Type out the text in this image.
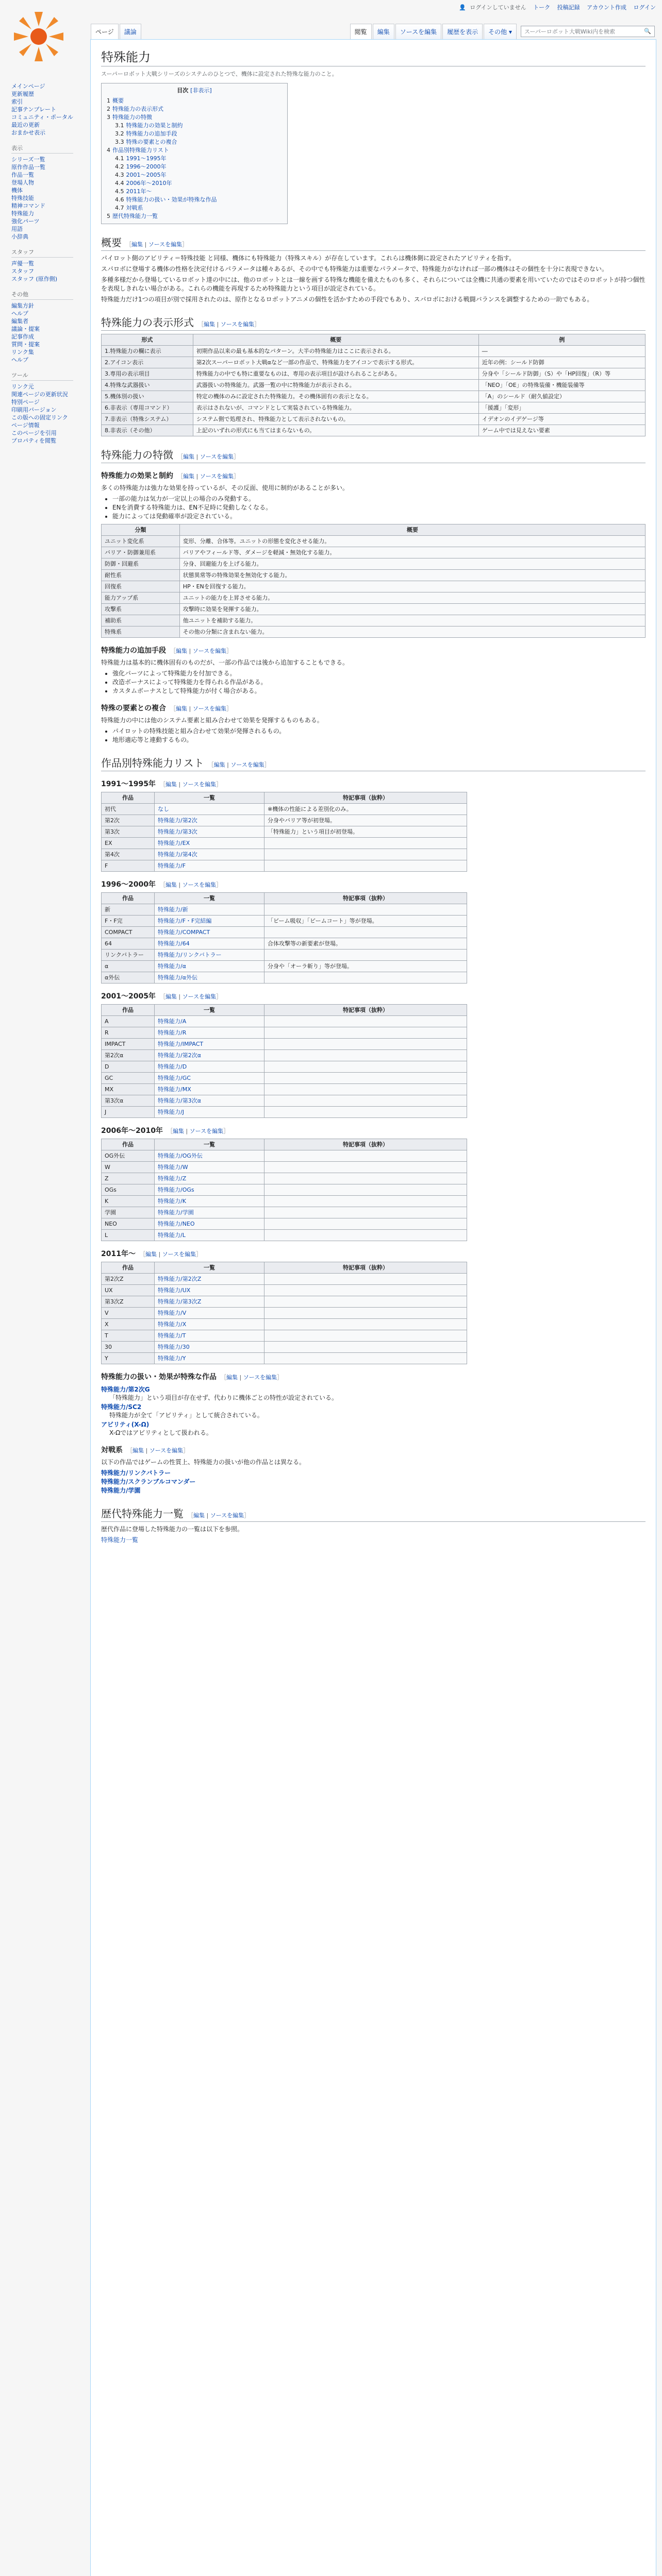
👤 ログインしていません トーク 投稿記録 アカウント作成 ログイン
ページ	議論	閲覧	編集	ソースを編集	履歴を表示	その他 ▾	スーパーロボット大戦Wiki内を検索	🔍
メインページ
更新履歴
索引
記事テンプレート
コミュニティ・ポータル
最近の更新
おまかせ表示
表示
シリーズ一覧
原作作品一覧
作品一覧
登場人物
機体
特殊技能
精神コマンド
特殊能力
強化パーツ
用語
小辞典
スタッフ
声優一覧
スタッフ
スタッフ (原作側)
その他
編集方針
ヘルプ
編集者
議論・提案
記事作成
質問・提案
リンク集
ヘルプ
ツール
リンク元
関連ページの更新状況
特別ページ
印刷用バージョン
この版への固定リンク
ページ情報
このページを引用
プロパティを閲覧
特殊能力
スーパーロボット大戦シリーズのシステムのひとつで、機体に設定された特殊な能力のこと。
目次 [非表示]
1 概要
2 特殊能力の表示形式
3 特殊能力の特徴
3.1 特殊能力の効果と制約
3.2 特殊能力の追加手段
3.3 特殊の要素との複合
4 作品別特殊能力リスト
4.1 1991〜1995年
4.2 1996〜2000年
4.3 2001〜2005年
4.4 2006年〜2010年
4.5 2011年〜
4.6 特殊能力の扱い・効果が特殊な作品
4.7 対戦系
5 歴代特殊能力一覧
概要 ［編集 | ソースを編集］

パイロット側のアビリティ＝特殊技能 と同様、機体にも特殊能力（特殊スキル）が存在しています。これらは機体側に設定されたアビリティを指す。

スパロボに登場する機体の性格を決定付けるパラメータは種々あるが、その中でも特殊能力は重要なパラメータで、特殊能力がなければ一部の機体はその個性を十分に表現できない。

多種多様だから登場しているロボット達の中には、他のロボットとは一線を画する特殊な機能を備えたものも多く、それらについては全機に共通の要素を用いていたのではそのロボットが持つ個性を表現しきれない場合がある。これらの機能を再現するため特殊能力という項目が設定されている。

特殊能力だけ1つの項目が別で採用されたのは、原作となるロボットアニメの個性を活かすための手段でもあり、スパロボにおける戦闘バランスを調整するための一助でもある。

特殊能力の表示形式 ［編集 | ソースを編集］
形式	概要	例
1.特殊能力の欄に表示	初期作品以来の最も基本的なパターン。大半の特殊能力はここに表示される。	―
2.アイコン表示	第2次スーパーロボット大戦αなど一部の作品で、特殊能力をアイコンで表示する形式。	近年の例：シールド防御
3.専用の表示項目	特殊能力の中でも特に重要なものは、専用の表示項目が設けられることがある。	分身や「シールド防御」（S）や「HP回復」（R）等
4.特殊な武器扱い	武器扱いの特殊能力。武器一覧の中に特殊能力が表示される。	「NEO」「OE」の特殊装備・機能装備等
5.機体別の扱い	特定の機体のみに設定された特殊能力。その機体固有の表示となる。	「A」のシールド（耐久値設定）
6.非表示（専用コマンド）	表示はされないが、コマンドとして実装されている特殊能力。	「援護」「変形」
7.非表示（特殊システム）	システム側で処理され、特殊能力として表示されないもの。	イデオンのイデゲージ等
8.非表示（その他）	上記のいずれの形式にも当てはまらないもの。	ゲーム中では見えない要素
特殊能力の特徴 ［編集 | ソースを編集］
特殊能力の効果と制約 ［編集 | ソースを編集］

多くの特殊能力は強力な効果を持っているが、その反面、使用に制約があることが多い。

• 一部の能力は気力が一定以上の場合のみ発動する。
• ENを消費する特殊能力は、EN不足時に発動しなくなる。
• 能力によっては発動確率が設定されている。
分類	概要
ユニット変化系	変形、分離、合体等。ユニットの形態を変化させる能力。
バリア・防御兼用系	バリアやフィールド等、ダメージを軽減・無効化する能力。
防御・回避系	分身、回避能力を上げる能力。
耐性系	状態異常等の特殊効果を無効化する能力。
回復系	HP・ENを回復する能力。
能力アップ系	ユニットの能力を上昇させる能力。
攻撃系	攻撃時に効果を発揮する能力。
補助系	他ユニットを補助する能力。
特殊系	その他の分類に含まれない能力。
特殊能力の追加手段 ［編集 | ソースを編集］

特殊能力は基本的に機体固有のものだが、一部の作品では後から追加することもできる。

• 強化パーツによって特殊能力を付加できる。
• 改造ボーナスによって特殊能力を得られる作品がある。
• カスタムボーナスとして特殊能力が付く場合がある。
特殊の要素との複合 ［編集 | ソースを編集］

特殊能力の中には他のシステム要素と組み合わせて効果を発揮するものもある。

• パイロットの特殊技能と組み合わせて効果が発揮されるもの。
• 地形適応等と連動するもの。
作品別特殊能力リスト ［編集 | ソースを編集］
1991〜1995年 ［編集 | ソースを編集］
作品	一覧	特記事項（抜粋）
初代	なし	※機体の性能による差別化のみ。
第2次	特殊能力/第2次	分身やバリア等が初登場。
第3次	特殊能力/第3次	「特殊能力」という項目が初登場。
EX	特殊能力/EX	
第4次	特殊能力/第4次	
F	特殊能力/F	
1996〜2000年 ［編集 | ソースを編集］
作品	一覧	特記事項（抜粋）
新	特殊能力/新	
F・F完	特殊能力/F・F完結編	「ビーム吸収」「ビームコート」等が登場。
COMPACT	特殊能力/COMPACT	
64	特殊能力/64	合体攻撃等の新要素が登場。
リンクバトラー	特殊能力/リンクバトラー	
α	特殊能力/α	分身や「オーラ斬り」等が登場。
α外伝	特殊能力/α外伝	
2001〜2005年 ［編集 | ソースを編集］
作品	一覧	特記事項（抜粋）
A	特殊能力/A	
R	特殊能力/R	
IMPACT	特殊能力/IMPACT	
第2次α	特殊能力/第2次α	
D	特殊能力/D	
GC	特殊能力/GC	
MX	特殊能力/MX	
第3次α	特殊能力/第3次α	
J	特殊能力/J	
2006年〜2010年 ［編集 | ソースを編集］
作品	一覧	特記事項（抜粋）
OG外伝	特殊能力/OG外伝	
W	特殊能力/W	
Z	特殊能力/Z	
OGs	特殊能力/OGs	
K	特殊能力/K	
学園	特殊能力/学園	
NEO	特殊能力/NEO	
L	特殊能力/L	
2011年〜 ［編集 | ソースを編集］
作品	一覧	特記事項（抜粋）
第2次Z	特殊能力/第2次Z	
UX	特殊能力/UX	
第3次Z	特殊能力/第3次Z	
V	特殊能力/V	
X	特殊能力/X	
T	特殊能力/T	
30	特殊能力/30	
Y	特殊能力/Y	
特殊能力の扱い・効果が特殊な作品 ［編集 | ソースを編集］
特殊能力/第2次G
「特殊能力」という項目が存在せず、代わりに機体ごとの特性が設定されている。
特殊能力/SC2
特殊能力が全て「アビリティ」として統合されている。
アビリティ(X-Ω)
X-Ωではアビリティとして扱われる。
対戦系 ［編集 | ソースを編集］

以下の作品ではゲームの性質上、特殊能力の扱いが他の作品とは異なる。

特殊能力/リンクバトラー
特殊能力/スクランブルコマンダー
特殊能力/学園
歴代特殊能力一覧 ［編集 | ソースを編集］

歴代作品に登場した特殊能力の一覧は以下を参照。

特殊能力一覧
